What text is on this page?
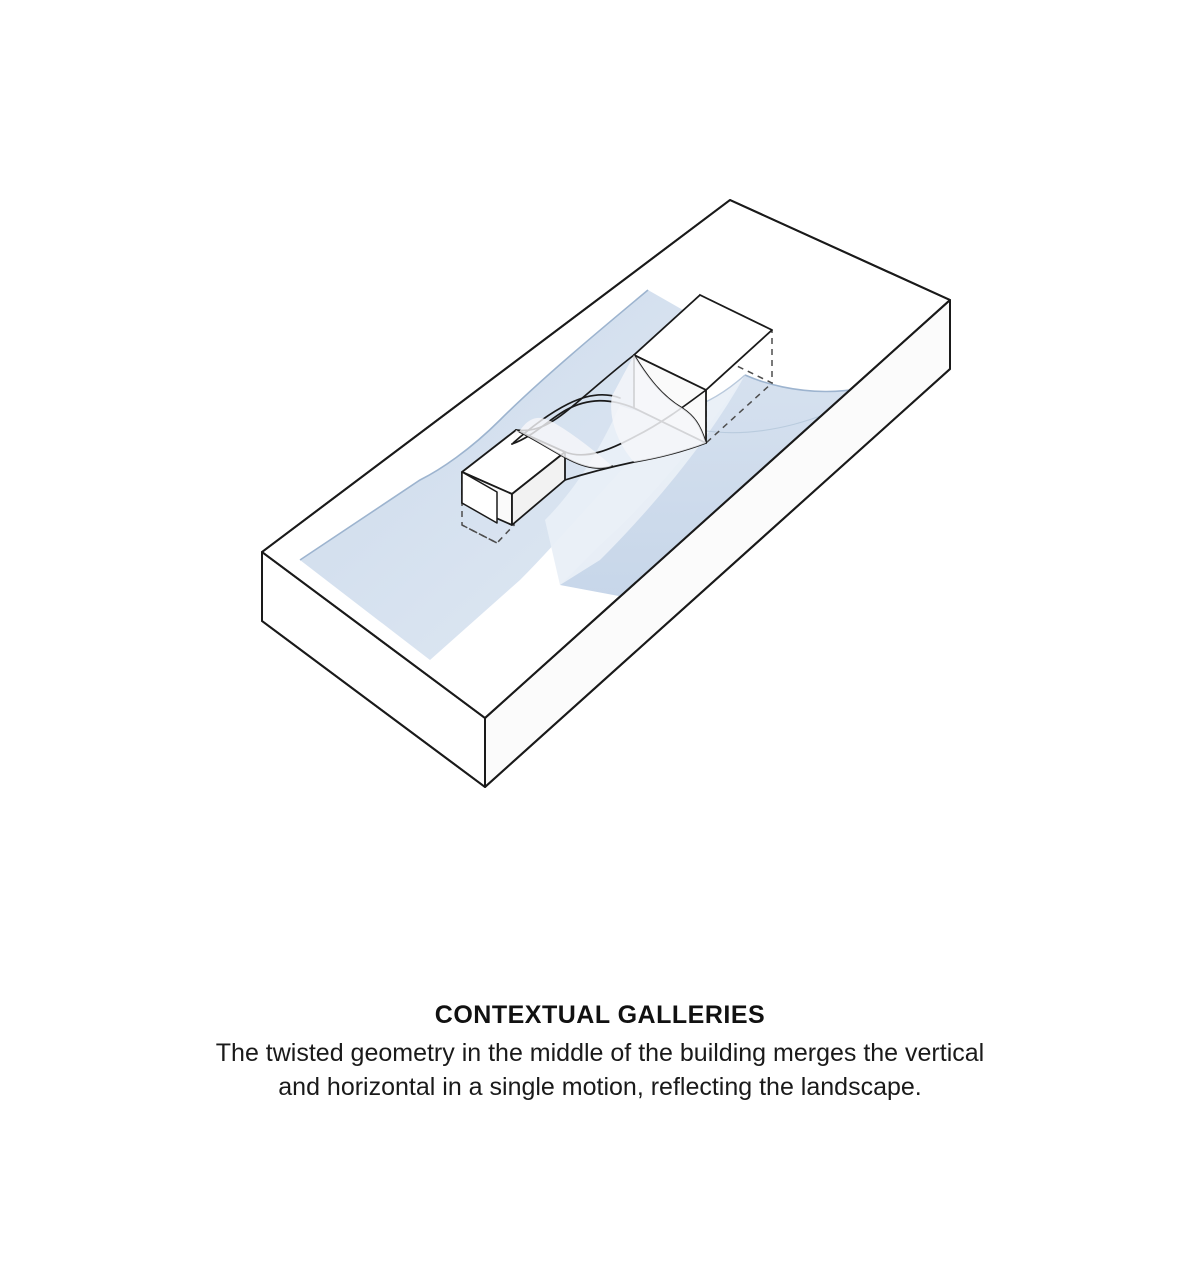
CONTEXTUAL GALLERIES

The twisted geometry in the middle of the building merges the vertical
and horizontal in a single motion, reflecting the landscape.
